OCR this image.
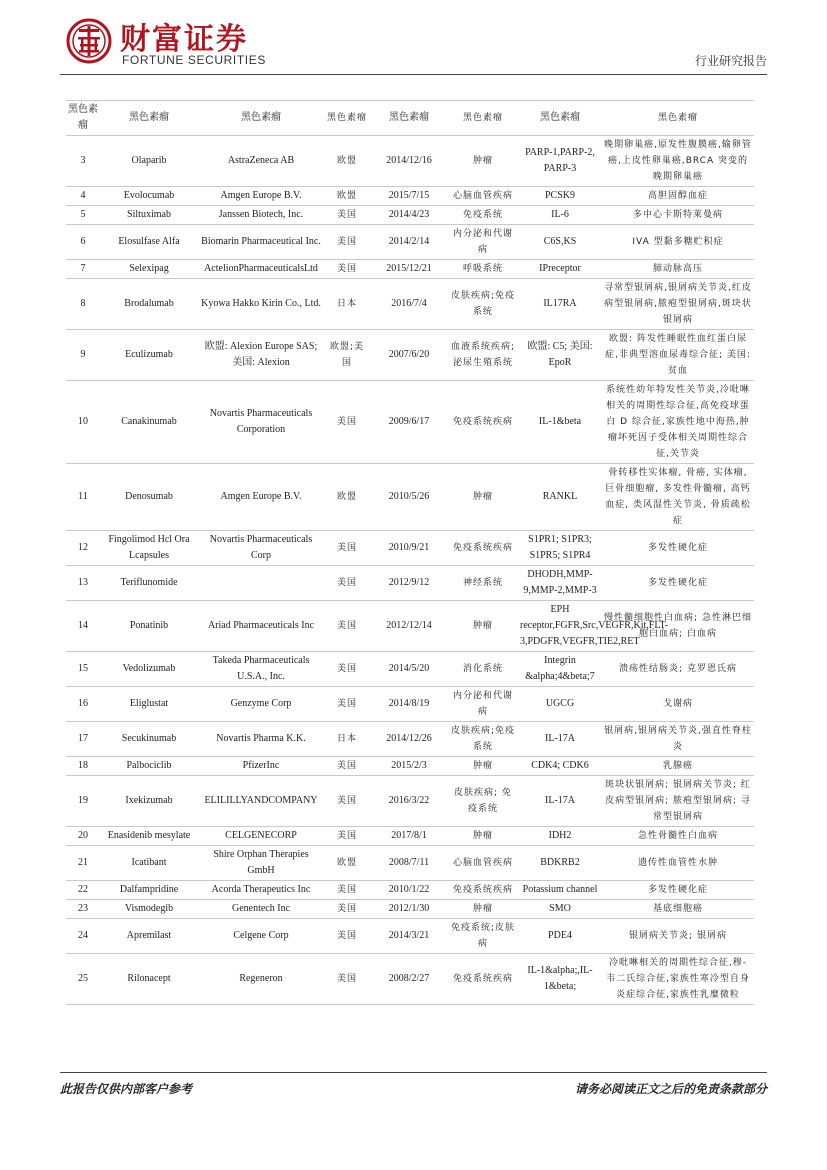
财富证券
FORTUNE SECURITIES	行业研究报告
黑色素瘤	黑色素瘤	黑色素瘤	黑色素瘤	黑色素瘤	黑色素瘤	黑色素瘤	黑色素瘤
3	Olaparib	AstraZeneca AB	欧盟	2014/12/16	肿瘤	PARP-1,PARP-2, PARP-3	晚期卵巢癌,原发性腹膜癌,输卵管癌,上皮性卵巢癌,BRCA 突变的晚期卵巢癌
4	Evolocumab	Amgen Europe B.V.	欧盟	2015/7/15	心脑血管疾病	PCSK9	高胆固醇血症
5	Siltuximab	Janssen Biotech, Inc.	美国	2014/4/23	免疫系统	IL-6	多中心卡斯特莱曼病
6	Elosulfase Alfa	Biomarin Pharmaceutical Inc.	美国	2014/2/14	内分泌和代谢病	C6S,KS	IVA 型黏多糖贮积症
7	Selexipag	ActelionPharmaceuticalsLtd	美国	2015/12/21	呼吸系统	IPreceptor	肺动脉高压
8	Brodalumab	Kyowa Hakko Kirin Co., Ltd.	日本	2016/7/4	皮肤疾病;免疫系统	IL17RA	寻常型银屑病,银屑病关节炎,红皮病型银屑病,脓疱型银屑病,斑块状银屑病
9	Eculizumab	欧盟: Alexion Europe SAS; 美国: Alexion	欧盟;美国	2007/6/20	血液系统疾病; 泌尿生殖系统	欧盟: C5; 美国: EpoR	欧盟: 阵发性睡眠性血红蛋白尿症,非典型溶血尿毒综合征; 美国: 贫血
10	Canakinumab	Novartis Pharmaceuticals Corporation	美国	2009/6/17	免疫系统疾病	IL-1&beta	系统性幼年特发性关节炎,冷吡啉相关的周期性综合征,高免疫球蛋白 D 综合征,家族性地中海热,肿瘤坏死因子受体相关周期性综合征,关节炎
11	Denosumab	Amgen Europe B.V.	欧盟	2010/5/26	肿瘤	RANKL	骨转移性实体瘤, 骨癌, 实体瘤, 巨骨细胞瘤, 多发性骨髓瘤, 高钙血症, 类风湿性关节炎, 骨质疏松症
12	Fingolimod Hcl Ora Lcapsules	Novartis Pharmaceuticals Corp	美国	2010/9/21	免疫系统疾病	S1PR1; S1PR3; S1PR5; S1PR4	多发性硬化症
13	Teriflunomide		美国	2012/9/12	神经系统	DHODH,MMP-9,MMP-2,MMP-3	多发性硬化症
14	Ponatinib	Ariad Pharmaceuticals Inc	美国	2012/12/14	肿瘤	EPH receptor,FGFR,Src,VEGFR,Kit,FLT-3,PDGFR,VEGFR,TIE2,RET	慢性髓细胞性白血病; 急性淋巴细胞白血病; 白血病
15	Vedolizumab	Takeda Pharmaceuticals U.S.A., Inc.	美国	2014/5/20	消化系统	Integrin &alpha;4&beta;7	溃疡性结肠炎; 克罗恩氏病
16	Eliglustat	Genzyme Corp	美国	2014/8/19	内分泌和代谢病	UGCG	戈谢病
17	Secukinumab	Novartis Pharma K.K.	日本	2014/12/26	皮肤疾病;免疫系统	IL-17A	银屑病,银屑病关节炎,强直性脊柱炎
18	Palbociclib	PfizerInc	美国	2015/2/3	肿瘤	CDK4; CDK6	乳腺癌
19	Ixekizumab	ELILILLYANDCOMPANY	美国	2016/3/22	皮肤疾病; 免疫系统	IL-17A	斑块状银屑病; 银屑病关节炎; 红皮病型银屑病; 脓疱型银屑病; 寻常型银屑病
20	Enasidenib mesylate	CELGENECORP	美国	2017/8/1	肿瘤	IDH2	急性骨髓性白血病
21	Icatibant	Shire Orphan Therapies GmbH	欧盟	2008/7/11	心脑血管疾病	BDKRB2	遗传性血管性水肿
22	Dalfampridine	Acorda Therapeutics Inc	美国	2010/1/22	免疫系统疾病	Potassium channel	多发性硬化症
23	Vismodegib	Genentech Inc	美国	2012/1/30	肿瘤	SMO	基底细胞癌
24	Apremilast	Celgene Corp	美国	2014/3/21	免疫系统;皮肤病	PDE4	银屑病关节炎; 银屑病
25	Rilonacept	Regeneron	美国	2008/2/27	免疫系统疾病	IL-1&alpha;,IL-1&beta;	冷吡啉相关的周期性综合征,穆-韦二氏综合征,家族性寒冷型自身炎症综合征,家族性乳糜微粒
此报告仅供内部客户参考	请务必阅读正文之后的免责条款部分
